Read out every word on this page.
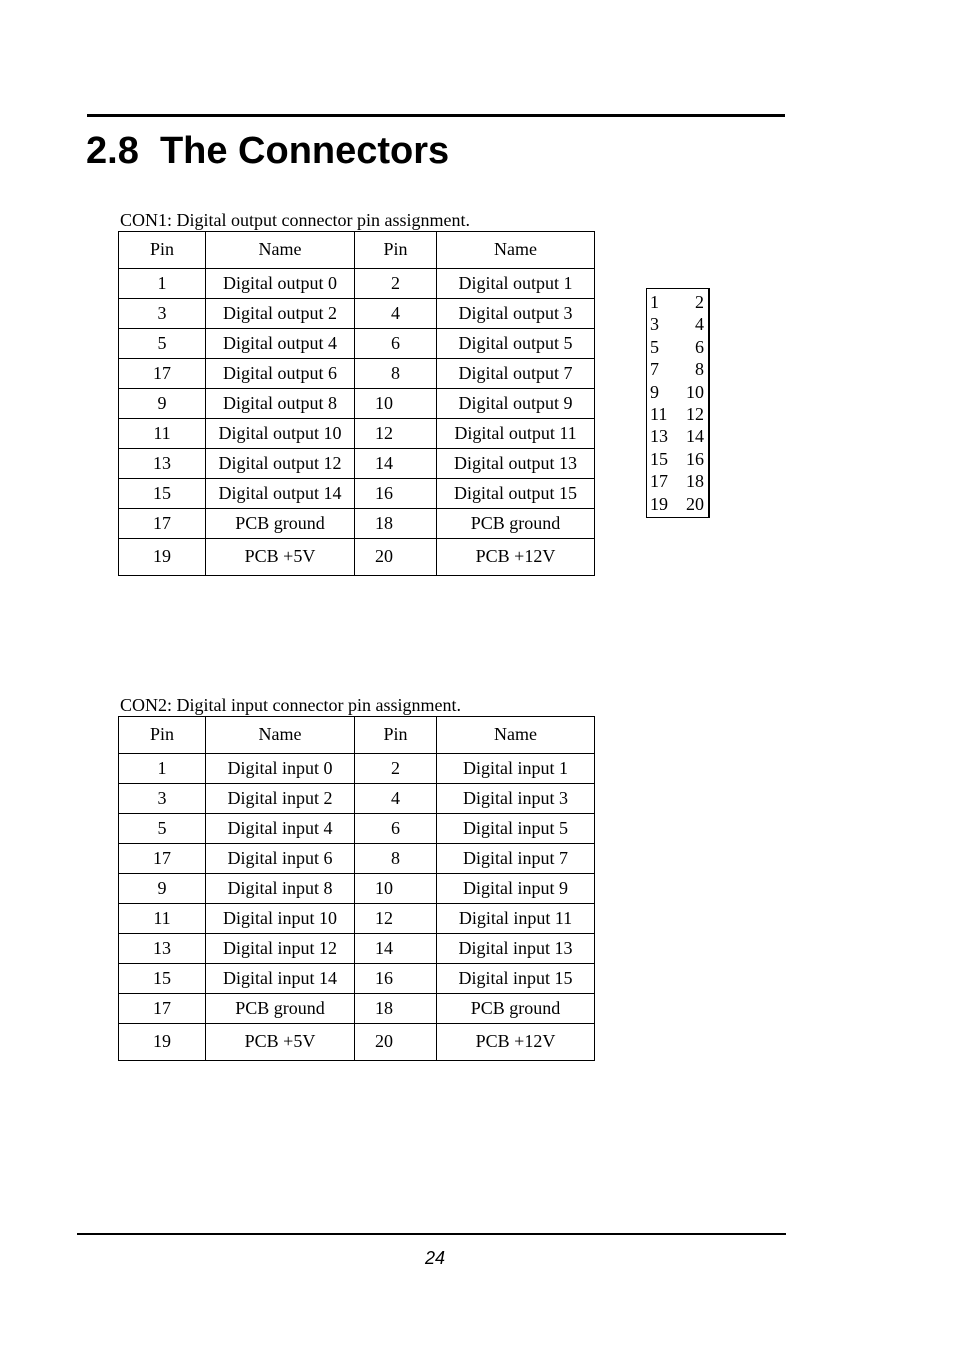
2.8  The Connectors
CON1: Digital output connector pin assignment.
Pin	Name	Pin	Name
1	Digital output 0	2	Digital output 1
3	Digital output 2	4	Digital output 3
5	Digital output 4	6	Digital output 5
17	Digital output 6	8	Digital output 7
9	Digital output 8	10	Digital output 9
11	Digital output 10	12	Digital output 11
13	Digital output 12	14	Digital output 13
15	Digital output 14	16	Digital output 15
17	PCB ground	18	PCB ground
19	PCB +5V	20	PCB +12V
1 2
3 4
5 6
7 8
9 10
11 12
13 14
15 16
17 18
19 20
CON2: Digital input connector pin assignment.
Pin	Name	Pin	Name
1	Digital input 0	2	Digital input 1
3	Digital input 2	4	Digital input 3
5	Digital input 4	6	Digital input 5
17	Digital input 6	8	Digital input 7
9	Digital input 8	10	Digital input 9
11	Digital input 10	12	Digital input 11
13	Digital input 12	14	Digital input 13
15	Digital input 14	16	Digital input 15
17	PCB ground	18	PCB ground
19	PCB +5V	20	PCB +12V
24
